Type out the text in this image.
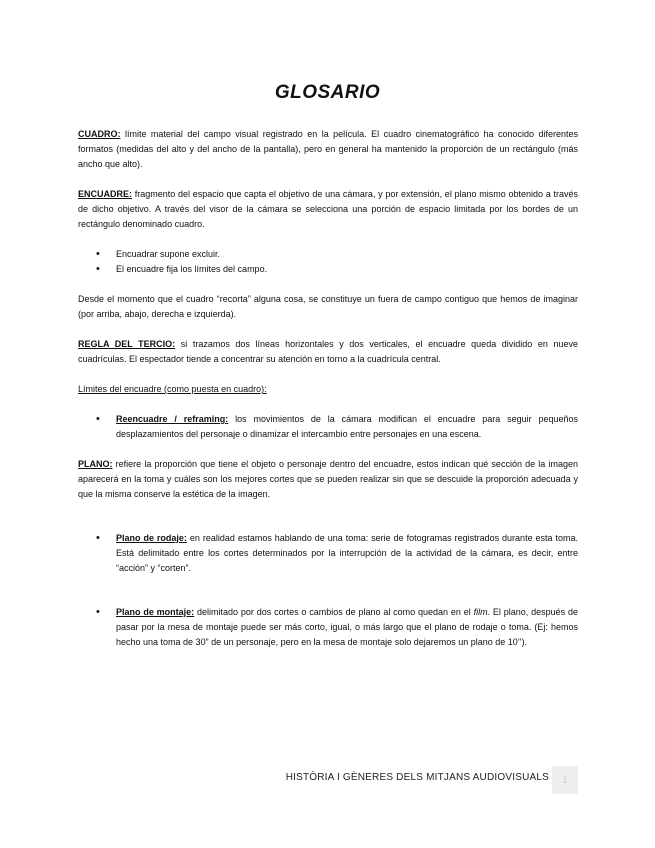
GLOSARIO

CUADRO: límite material del campo visual registrado en la película. El cuadro cinematográfico ha conocido diferentes formatos (medidas del alto y del ancho de la pantalla), pero en general ha mantenido la proporción de un rectángulo (más ancho que alto).

ENCUADRE: fragmento del espacio que capta el objetivo de una cámara, y por extensión, el plano mismo obtenido a través de dicho objetivo. A través del visor de la cámara se selecciona una porción de espacio limitada por los bordes de un rectángulo denominado cuadro.

• Encuadrar supone excluir.
• El encuadre fija los límites del campo.

Desde el momento que el cuadro “recorta” alguna cosa, se constituye un fuera de campo contiguo que hemos de imaginar (por arriba, abajo, derecha e izquierda).

REGLA DEL TERCIO: si trazamos dos líneas horizontales y dos verticales, el encuadre queda dividido en nueve cuadrículas. El espectador tiende a concentrar su atención en torno a la cuadrícula central.

Límites del encuadre (como puesta en cuadro):

• Reencuadre / reframing: los movimientos de la cámara modifican el encuadre para seguir pequeños desplazamientos del personaje o dinamizar el intercambio entre personajes en una escena.

PLANO: refiere la proporción que tiene el objeto o personaje dentro del encuadre, estos indican qué sección de la imagen aparecerá en la toma y cuáles son los mejores cortes que se pueden realizar sin que se descuide la proporción adecuada y que la misma conserve la estética de la imagen.

• Plano de rodaje: en realidad estamos hablando de una toma: serie de fotogramas registrados durante esta toma. Está delimitado entre los cortes determinados por la interrupción de la actividad de la cámara, es decir, entre “acción” y “corten”.
• Plano de montaje: delimitado por dos cortes o cambios de plano al como quedan en el film. El plano, después de pasar por la mesa de montaje puede ser más corto, igual, o más largo que el plano de rodaje o toma. (Ej: hemos hecho una toma de 30” de un personaje, pero en la mesa de montaje solo dejaremos un plano de 10’’).
HISTÒRIA I GÈNERES DELS MITJANS AUDIOVISUALS	1
